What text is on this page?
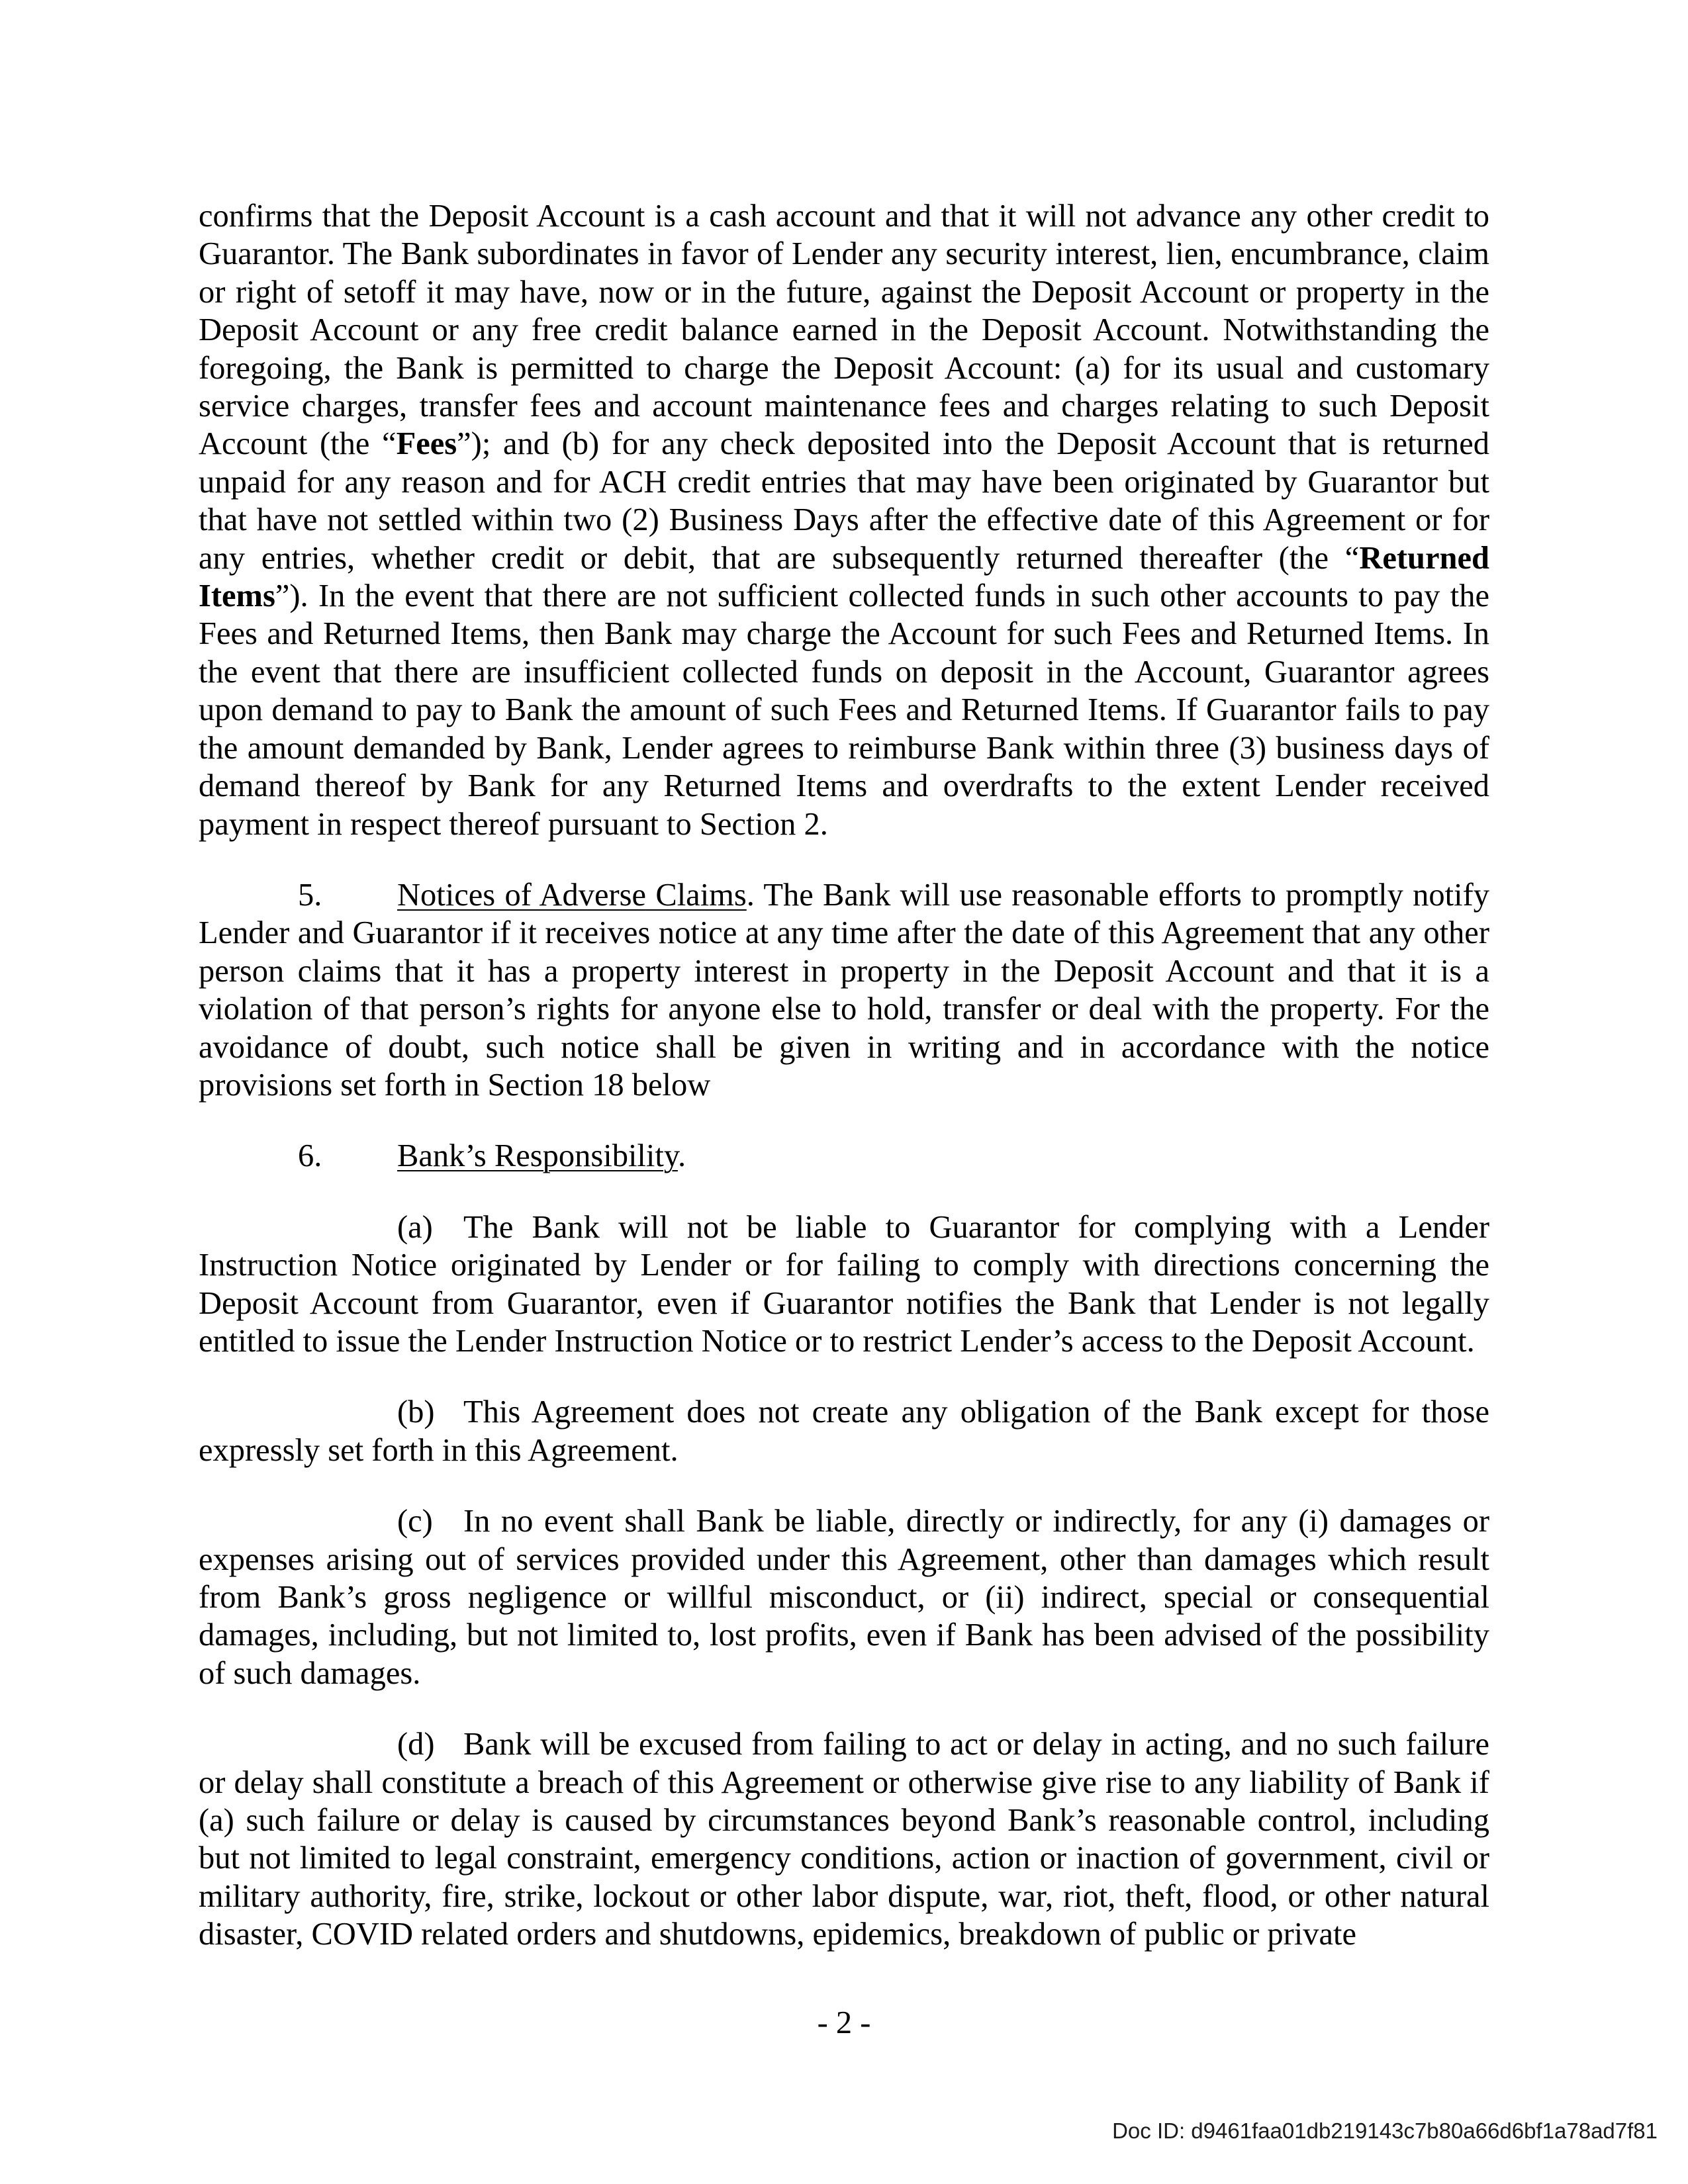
confirms that the Deposit Account is a cash account and that it will not advance any other credit to Guarantor. The Bank subordinates in favor of Lender any security interest, lien, encumbrance, claim or right of setoff it may have, now or in the future, against the Deposit Account or property in the Deposit Account or any free credit balance earned in the Deposit Account. Notwithstanding the foregoing, the Bank is permitted to charge the Deposit Account: (a) for its usual and customary service charges, transfer fees and account maintenance fees and charges relating to such Deposit Account (the “Fees”); and (b) for any check deposited into the Deposit Account that is returned unpaid for any reason and for ACH credit entries that may have been originated by Guarantor but that have not settled within two (2) Business Days after the effective date of this Agreement or for any entries, whether credit or debit, that are subsequently returned thereafter (the “Returned Items”). In the event that there are not sufficient collected funds in such other accounts to pay the Fees and Returned Items, then Bank may charge the Account for such Fees and Returned Items. In the event that there are insufficient collected funds on deposit in the Account, Guarantor agrees upon demand to pay to Bank the amount of such Fees and Returned Items. If Guarantor fails to pay the amount demanded by Bank, Lender agrees to reimburse Bank within three (3) business days of demand thereof by Bank for any Returned Items and overdrafts to the extent Lender received payment in respect thereof pursuant to Section 2.

5. Notices of Adverse Claims. The Bank will use reasonable efforts to promptly notify Lender and Guarantor if it receives notice at any time after the date of this Agreement that any other person claims that it has a property interest in property in the Deposit Account and that it is a violation of that person’s rights for anyone else to hold, transfer or deal with the property. For the avoidance of doubt, such notice shall be given in writing and in accordance with the notice provisions set forth in Section 18 below

6. Bank’s Responsibility.

(a) The Bank will not be liable to Guarantor for complying with a Lender Instruction Notice originated by Lender or for failing to comply with directions concerning the Deposit Account from Guarantor, even if Guarantor notifies the Bank that Lender is not legally entitled to issue the Lender Instruction Notice or to restrict Lender’s access to the Deposit Account.

(b) This Agreement does not create any obligation of the Bank except for those expressly set forth in this Agreement.

(c) In no event shall Bank be liable, directly or indirectly, for any (i) damages or expenses arising out of services provided under this Agreement, other than damages which result from Bank’s gross negligence or willful misconduct, or (ii) indirect, special or consequential damages, including, but not limited to, lost profits, even if Bank has been advised of the possibility of such damages.

(d) Bank will be excused from failing to act or delay in acting, and no such failure or delay shall constitute a breach of this Agreement or otherwise give rise to any liability of Bank if (a) such failure or delay is caused by circumstances beyond Bank’s reasonable control, including but not limited to legal constraint, emergency conditions, action or inaction of government, civil or military authority, fire, strike, lockout or other labor dispute, war, riot, theft, flood, or other natural disaster, COVID related orders and shutdowns, epidemics, breakdown of public or private

- 2 -
Doc ID: d9461faa01db219143c7b80a66d6bf1a78ad7f81
